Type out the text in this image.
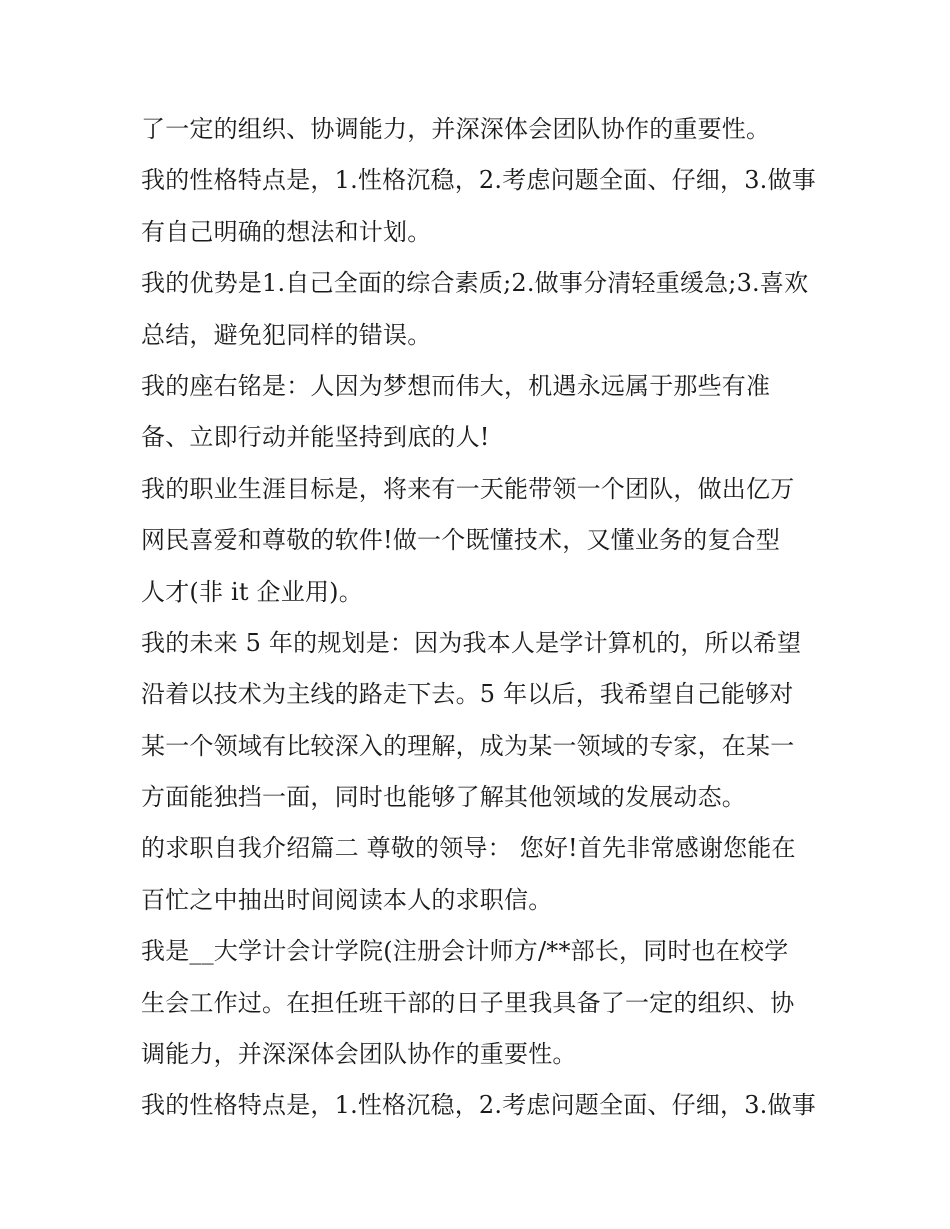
了一定的组织、协调能力，并深深体会团队协作的重要性。
我的性格特点是，1.性格沉稳，2.考虑问题全面、仔细，3.做事
有自己明确的想法和计划。
我的优势是1.自己全面的综合素质;2.做事分清轻重缓急;3.喜欢
总结，避免犯同样的错误。
我的座右铭是：人因为梦想而伟大，机遇永远属于那些有准
备、立即行动并能坚持到底的人!
我的职业生涯目标是，将来有一天能带领一个团队，做出亿万
网民喜爱和尊敬的软件!做一个既懂技术，又懂业务的复合型
人才(非 it 企业用)。
我的未来 5 年的规划是：因为我本人是学计算机的，所以希望
沿着以技术为主线的路走下去。5 年以后，我希望自己能够对
某一个领域有比较深入的理解，成为某一领域的专家，在某一
方面能独挡一面，同时也能够了解其他领域的发展动态。
的求职自我介绍篇二 尊敬的领导： 您好!首先非常感谢您能在
百忙之中抽出时间阅读本人的求职信。
我是__大学计会计学院(注册会计师方/**部长，同时也在校学
生会工作过。在担任班干部的日子里我具备了一定的组织、协
调能力，并深深体会团队协作的重要性。
我的性格特点是，1.性格沉稳，2.考虑问题全面、仔细，3.做事
